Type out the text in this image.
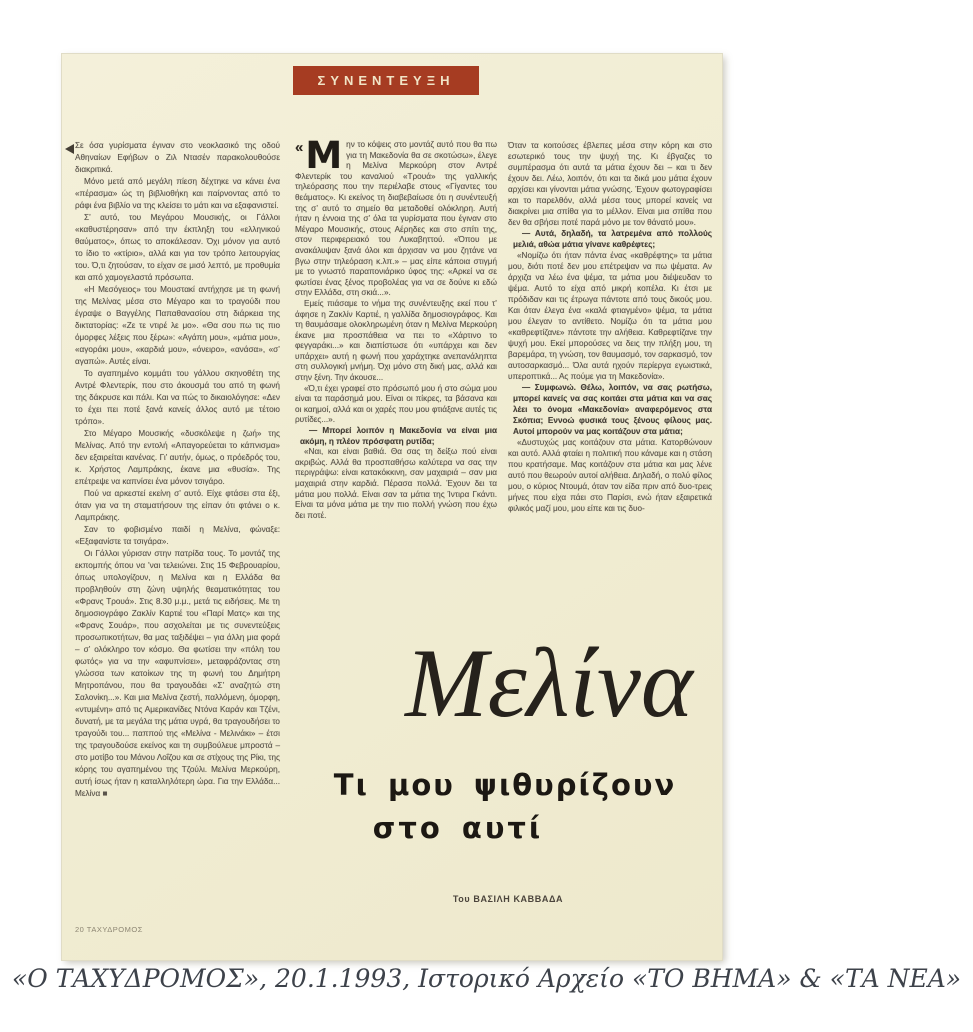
ΣΥΝΕΝΤΕΥΞΗ

Σε όσα γυρίσματα έγιναν στο νεοκλασικό της οδού Αθηναίων Εφήβων ο Ζιλ Ντασέν παρακολουθούσε διακριτικά.

Μόνο μετά από μεγάλη πίεση δέχτηκε να κάνει ένα «πέρασμα» ώς τη βιβλιοθήκη και παίρνοντας από το ράφι ένα βιβλίο να της κλείσει το μάτι και να εξαφανιστεί.

Σ’ αυτό, του Μεγάρου Μουσικής, οι Γάλλοι «καθυστέρησαν» από την έκπληξη του «ελληνικού θαύματος», όπως το αποκάλεσαν. Όχι μόνον για αυτό το ίδιο το «κτίριο», αλλά και για τον τρόπο λειτουργίας του. Ό,τι ζητούσαν, το είχαν σε μισό λεπτό, με προθυμία και από χαμογελαστά πρόσωπα.

«Η Μεσόγειος» του Μουστακί αντήχησε με τη φωνή της Μελίνας μέσα στο Μέγαρο και το τραγούδι που έγραψε ο Βαγγέλης Παπαθανασίου στη διάρκεια της δικτατορίας: «Ζε τε ντιρέ λε μο». «Θα σου πω τις πιο όμορφες λέξεις που ξέρω»: «Αγάπη μου», «μάτια μου», «αγοράκι μου», «καρδιά μου», «όνειρο», «ανάσα», «σ’ αγαπώ». Αυτές είναι.

Το αγαπημένο κομμάτι του γάλλου σκηνοθέτη της Αντρέ Φλεντερίκ, που στο άκουσμά του από τη φωνή της δάκρυσε και πάλι. Και να πώς το δικαιολόγησε: «Δεν το έχει πει ποτέ ξανά κανείς άλλος αυτό με τέτοιο τρόπο».

Στο Μέγαρο Μουσικής «δυσκόλεψε η ζωή» της Μελίνας. Από την εντολή «Απαγορεύεται το κάπνισμα» δεν εξαιρείται κανένας. Γι’ αυτήν, όμως, ο πρόεδρός του, κ. Χρήστος Λαμπράκης, έκανε μια «θυσία». Της επέτρεψε να καπνίσει ένα μόνον τσιγάρο.

Πού να αρκεστεί εκείνη σ’ αυτό. Είχε φτάσει στα έξι, όταν για να τη σταματήσουν της είπαν ότι φτάνει ο κ. Λαμπράκης.

Σαν το φοβισμένο παιδί η Μελίνα, φώναξε: «Εξαφανίστε τα τσιγάρα».

Οι Γάλλοι γύρισαν στην πατρίδα τους. Το μοντάζ της εκπομπής όπου να ’ναι τελειώνει. Στις 15 Φεβρουαρίου, όπως υπολογίζουν, η Μελίνα και η Ελλάδα θα προβληθούν στη ζώνη υψηλής θεαματικότητας του «Φρανς Τρουά». Στις 8.30 μ.μ., μετά τις ειδήσεις. Με τη δημοσιογράφο Ζακλίν Καρτιέ του «Παρί Ματς» και της «Φρανς Σουάρ», που ασχολείται με τις συνεντεύξεις προσωπικοτήτων, θα μας ταξιδέψει – για άλλη μια φορά – σ’ ολόκληρο τον κόσμο. Θα φωτίσει την «πόλη του φωτός» για να την «αφυπνίσει», μεταφράζοντας στη γλώσσα των κατοίκων της τη φωνή του Δημήτρη Μητροπάνου, που θα τραγουδάει «Σ’ αναζητώ στη Σαλονίκη...». Και μια Μελίνα ζεστή, παλλόμενη, όμορφη, «ντυμένη» από τις Αμερικανίδες Ντόνα Καράν και Τζένι, δυνατή, με τα μεγάλα της μάτια υγρά, θα τραγουδήσει το τραγούδι του... παππού της «Μελίνα - Μελινάκι» – έτσι της τραγουδούσε εκείνος και τη συμβούλευε μπροστά – στο μοτίβο του Μάνου Λοΐζου και σε στίχους της Ρίκι, της κόρης του αγαπημένου της Τζούλι. Μελίνα Μερκούρη, αυτή ίσως ήταν η καταλληλότερη ώρα. Για την Ελλάδα... Μελίνα ■

« Μ ην το κόψεις στο μοντάζ αυτό που θα πω για τη Μακεδονία θα σε σκοτώσω», έλεγε η Μελίνα Μερκούρη στον Αντρέ Φλεντερίκ του καναλιού «Τρουά» της γαλλικής τηλεόρασης που την περιέλαβε στους «Γίγαντες του θεάματος». Κι εκείνος τη διαβεβαίωσε ότι η συνέντευξή της σ’ αυτό το σημείο θα μεταδοθεί ολόκληρη. Αυτή ήταν η έννοια της σ’ όλα τα γυρίσματα που έγιναν στο Μέγαρο Μουσικής, στους Αέρηδες και στο σπίτι της, στον περιφερειακό του Λυκαβηττού. «Όπου με ανακάλυψαν ξανά όλοι και άρχισαν να μου ζητάνε να βγω στην τηλεόραση κ.λπ.» – μας είπε κάποια στιγμή με το γνωστό παραπονιάρικο ύφος της: «Αρκεί να σε φωτίσει ένας ξένος προβολέας για να σε δούνε κι εδώ στην Ελλάδα, στη σκιά...».

Εμείς πιάσαμε το νήμα της συνέντευξης εκεί που τ’ άφησε η Ζακλίν Καρτιέ, η γαλλίδα δημοσιογράφος. Και τη θαυμάσαμε ολοκληρωμένη όταν η Μελίνα Μερκούρη έκανε μια προσπάθεια να πει το «Χάρτινο το φεγγαράκι...» και διαπίστωσε ότι «υπάρχει και δεν υπάρχει» αυτή η φωνή που χαράχτηκε ανεπανάληπτα στη συλλογική μνήμη. Όχι μόνο στη δική μας, αλλά και στην ξένη. Την άκουσε...

«Ό,τι έχει γραφεί στο πρόσωπό μου ή στο σώμα μου είναι τα παράσημά μου. Είναι οι πίκρες, τα βάσανα και οι καημοί, αλλά και οι χαρές που μου φτιάξανε αυτές τις ρυτίδες...».

— Μπορεί λοιπόν η Μακεδονία να είναι μια ακόμη, η πλέον πρόσφατη ρυτίδα;

«Ναι, και είναι βαθιά. Θα σας τη δείξω πού είναι ακριβώς. Αλλά θα προσπαθήσω καλύτερα να σας την περιγράψω: είναι κατακόκκινη, σαν μαχαιριά – σαν μια μαχαιριά στην καρδιά. Πέρασα πολλά. Έχουν δει τα μάτια μου πολλά. Είναι σαν τα μάτια της Ίντιρα Γκάντι. Είναι τα μόνα μάτια με την πιο πολλή γνώση που έχω δει ποτέ.

Όταν τα κοιτούσες έβλεπες μέσα στην κόρη και στο εσωτερικό τους την ψυχή της. Κι έβγαζες το συμπέρασμα ότι αυτά τα μάτια έχουν δει – και τι δεν έχουν δει. Λέω, λοιπόν, ότι και τα δικά μου μάτια έχουν αρχίσει και γίνονται μάτια γνώσης. Έχουν φωτογραφίσει και το παρελθόν, αλλά μέσα τους μπορεί κανείς να διακρίνει μια σπίθα για το μέλλον. Είναι μια σπίθα που δεν θα σβήσει ποτέ παρά μόνο με τον θάνατό μου».

— Αυτά, δηλαδή, τα λατρεμένα από πολλούς μελιά, αθώα μάτια γίνανε καθρέφτες;

«Νομίζω ότι ήταν πάντα ένας «καθρέφτης» τα μάτια μου, διότι ποτέ δεν μου επέτρεψαν να πω ψέματα. Αν άρχιζα να λέω ένα ψέμα, τα μάτια μου διέψευδαν το ψέμα. Αυτό το είχα από μικρή κοπέλα. Κι έτσι με πρόδιδαν και τις έτρωγα πάντοτε από τους δικούς μου. Και όταν έλεγα ένα «καλά φτιαγμένο» ψέμα, τα μάτια μου έλεγαν το αντίθετο. Νομίζω ότι τα μάτια μου «καθρεφτίζανε» πάντοτε την αλήθεια. Καθρεφτίζανε την ψυχή μου. Εκεί μπορούσες να δεις την πλήξη μου, τη βαρεμάρα, τη γνώση, τον θαυμασμό, τον σαρκασμό, τον αυτοσαρκασμό... Όλα αυτά ηχούν περίεργα εγωιστικά, υπεροπτικά... Ας πούμε για τη Μακεδονία».

— Συμφωνώ. Θέλω, λοιπόν, να σας ρωτήσω, μπορεί κανείς να σας κοιτάει στα μάτια και να σας λέει το όνομα «Μακεδονία» αναφερόμενος στα Σκόπια; Εννοώ φυσικά τους ξένους φίλους μας. Αυτοί μπορούν να μας κοιτάζουν στα μάτια;

«Δυστυχώς μας κοιτάζουν στα μάτια. Κατορθώνουν και αυτό. Αλλά φταίει η πολιτική που κάναμε και η στάση που κρατήσαμε. Μας κοιτάζουν στα μάτια και μας λένε αυτό που θεωρούν αυτοί αλήθεια. Δηλαδή, ο πολύ φίλος μου, ο κύριος Ντουμά, όταν τον είδα πριν από δυο-τρεις μήνες που είχα πάει στο Παρίσι, ενώ ήταν εξαιρετικά φιλικός μαζί μου, μου είπε και τις δυο-

Μελίνα
Τι μου ψιθυρίζουν
στο αυτί
Του ΒΑΣΙΛΗ ΚΑΒΒΑΔΑ
20 ΤΑΧΥΔΡΟΜΟΣ
«Ο ΤΑΧΥΔΡΟΜΟΣ», 20.1.1993, Ιστορικό Αρχείο «ΤΟ ΒΗΜΑ» & «ΤΑ ΝΕΑ»
